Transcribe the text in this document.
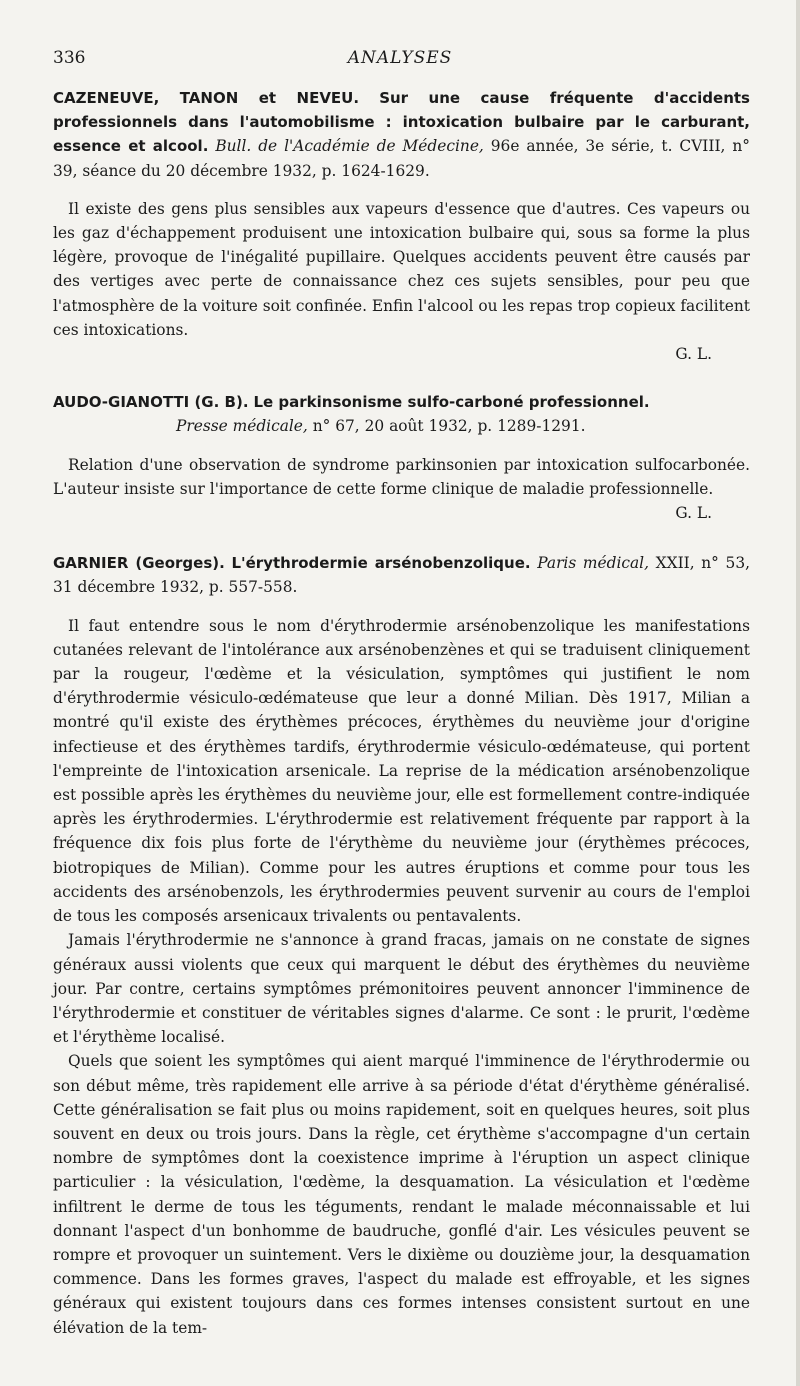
336	ANALYSES
CAZENEUVE, TANON et NEVEU. Sur une cause fréquente d'accidents professionnels dans l'automobilisme : intoxication bulbaire par le carburant, essence et alcool. Bull. de l'Académie de Médecine, 96e année, 3e série, t. CVIII, n° 39, séance du 20 décembre 1932, p. 1624-1629.

Il existe des gens plus sensibles aux vapeurs d'essence que d'autres. Ces vapeurs ou les gaz d'échappement produisent une intoxication bulbaire qui, sous sa forme la plus légère, provoque de l'inégalité pupillaire. Quelques accidents peuvent être causés par des vertiges avec perte de connaissance chez ces sujets sensibles, pour peu que l'atmosphère de la voiture soit confinée. Enfin l'alcool ou les repas trop copieux facilitent ces intoxications.

G. L.
AUDO-GIANOTTI (G. B). Le parkinsonisme sulfo-carboné professionnel.
Presse médicale, n° 67, 20 août 1932, p. 1289-1291.

Relation d'une observation de syndrome parkinsonien par intoxication sulfocarbonée. L'auteur insiste sur l'importance de cette forme clinique de maladie professionnelle.

G. L.
GARNIER (Georges). L'érythrodermie arsénobenzolique. Paris médical, XXII, n° 53, 31 décembre 1932, p. 557-558.

Il faut entendre sous le nom d'érythrodermie arsénobenzolique les manifestations cutanées relevant de l'intolérance aux arsénobenzènes et qui se traduisent cliniquement par la rougeur, l'œdème et la vésiculation, symptômes qui justifient le nom d'érythrodermie vésiculo-œdémateuse que leur a donné Milian. Dès 1917, Milian a montré qu'il existe des érythèmes précoces, érythèmes du neuvième jour d'origine infectieuse et des érythèmes tardifs, érythrodermie vésiculo-œdémateuse, qui portent l'empreinte de l'intoxication arsenicale. La reprise de la médication arsénobenzolique est possible après les érythèmes du neuvième jour, elle est formellement contre-indiquée après les érythrodermies. L'érythrodermie est relativement fréquente par rapport à la fréquence dix fois plus forte de l'érythème du neuvième jour (érythèmes précoces, biotropiques de Milian). Comme pour les autres éruptions et comme pour tous les accidents des arsénobenzols, les érythrodermies peuvent survenir au cours de l'emploi de tous les composés arsenicaux trivalents ou pentavalents.

Jamais l'érythrodermie ne s'annonce à grand fracas, jamais on ne constate de signes généraux aussi violents que ceux qui marquent le début des érythèmes du neuvième jour. Par contre, certains symptômes prémonitoires peuvent annoncer l'imminence de l'érythrodermie et constituer de véritables signes d'alarme. Ce sont : le prurit, l'œdème et l'érythème localisé.

Quels que soient les symptômes qui aient marqué l'imminence de l'érythrodermie ou son début même, très rapidement elle arrive à sa période d'état d'érythème généralisé. Cette généralisation se fait plus ou moins rapidement, soit en quelques heures, soit plus souvent en deux ou trois jours. Dans la règle, cet érythème s'accompagne d'un certain nombre de symptômes dont la coexistence imprime à l'éruption un aspect clinique particulier : la vésiculation, l'œdème, la desquamation. La vésiculation et l'œdème infiltrent le derme de tous les téguments, rendant le malade méconnaissable et lui donnant l'aspect d'un bonhomme de baudruche, gonflé d'air. Les vésicules peuvent se rompre et provoquer un suintement. Vers le dixième ou douzième jour, la desquamation commence. Dans les formes graves, l'aspect du malade est effroyable, et les signes généraux qui existent toujours dans ces formes intenses consistent surtout en une élévation de la tem-
